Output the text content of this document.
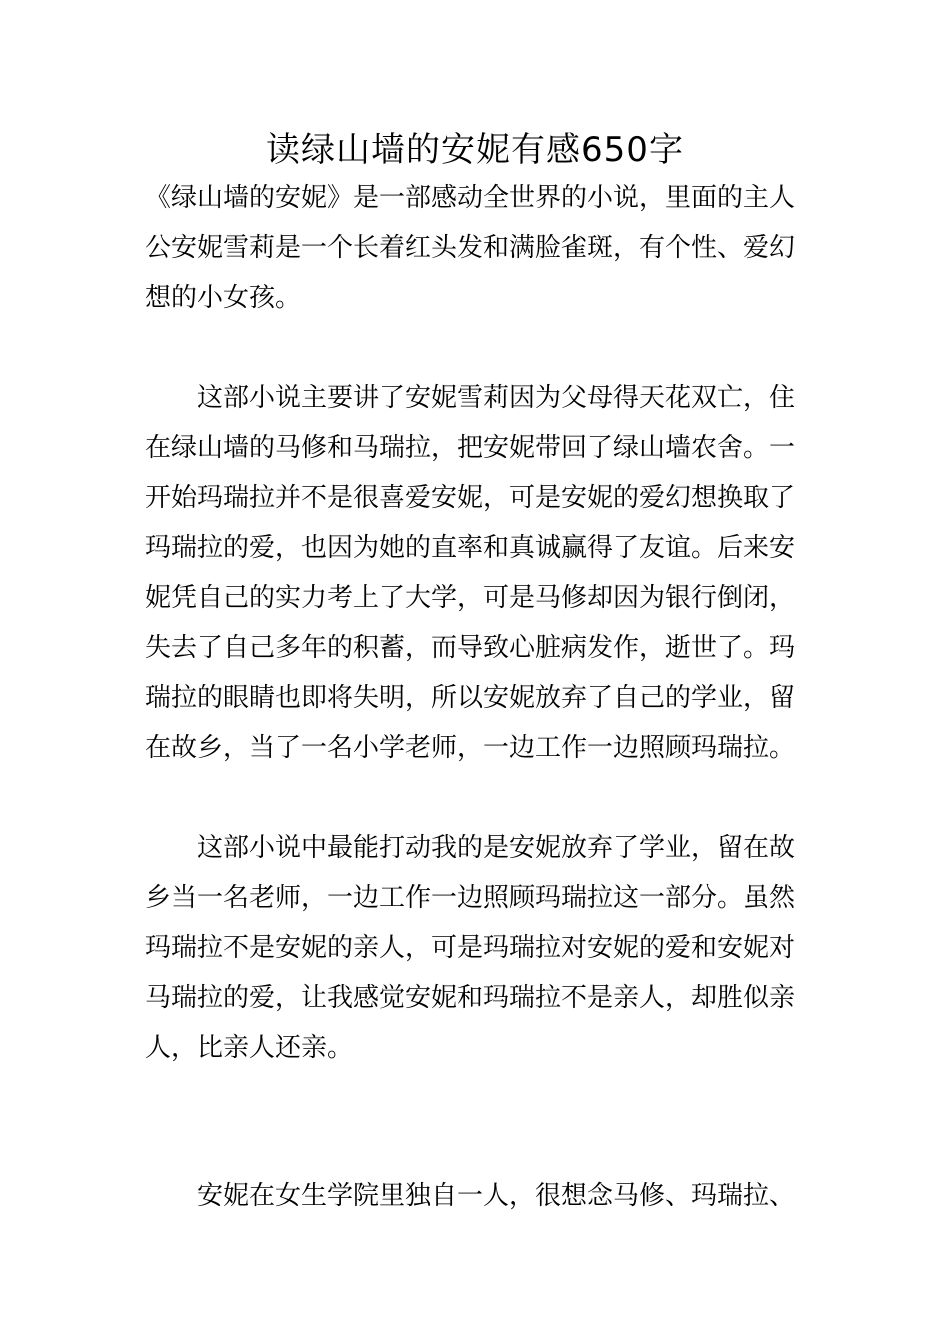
读绿山墙的安妮有感650字

《绿山墙的安妮》是一部感动全世界的小说，里面的主人

公安妮雪莉是一个长着红头发和满脸雀斑，有个性、爱幻

想的小女孩。

这部小说主要讲了安妮雪莉因为父母得天花双亡，住

在绿山墙的马修和马瑞拉，把安妮带回了绿山墙农舍。一

开始玛瑞拉并不是很喜爱安妮，可是安妮的爱幻想换取了

玛瑞拉的爱，也因为她的直率和真诚赢得了友谊。后来安

妮凭自己的实力考上了大学，可是马修却因为银行倒闭，

失去了自己多年的积蓄，而导致心脏病发作，逝世了。玛

瑞拉的眼睛也即将失明，所以安妮放弃了自己的学业，留

在故乡，当了一名小学老师，一边工作一边照顾玛瑞拉。

这部小说中最能打动我的是安妮放弃了学业，留在故

乡当一名老师，一边工作一边照顾玛瑞拉这一部分。虽然

玛瑞拉不是安妮的亲人，可是玛瑞拉对安妮的爱和安妮对

马瑞拉的爱，让我感觉安妮和玛瑞拉不是亲人，却胜似亲

人，比亲人还亲。

安妮在女生学院里独自一人，很想念马修、玛瑞拉、
